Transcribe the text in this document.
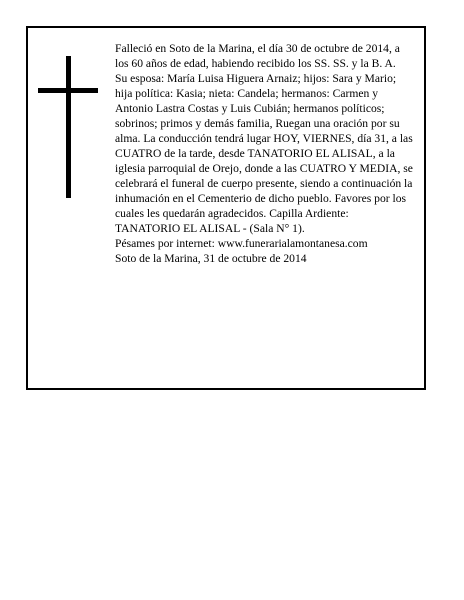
Falleció en Soto de la Marina, el día 30 de octubre de 2014, a los 60 años de edad, habiendo recibido los SS. SS. y la B. A.

Su esposa: María Luisa Higuera Arnaiz; hijos: Sara y Mario; hija política: Kasia; nieta: Candela; hermanos: Carmen y Antonio Lastra Costas y Luis Cubián; hermanos políticos; sobrinos; primos y demás familia, Ruegan una oración por su alma. La conducción tendrá lugar HOY, VIERNES, día 31, a las CUATRO de la tarde, desde TANATORIO EL ALISAL, a la iglesia parroquial de Orejo, donde a las CUATRO Y MEDIA, se celebrará el funeral de cuerpo presente, siendo a continuación la inhumación en el Cementerio de dicho pueblo. Favores por los cuales les quedarán agradecidos. Capilla Ardiente: TANATORIO EL ALISAL - (Sala N° 1).

Pésames por internet: www.funerarialamontanesa.com

Soto de la Marina, 31 de octubre de 2014
